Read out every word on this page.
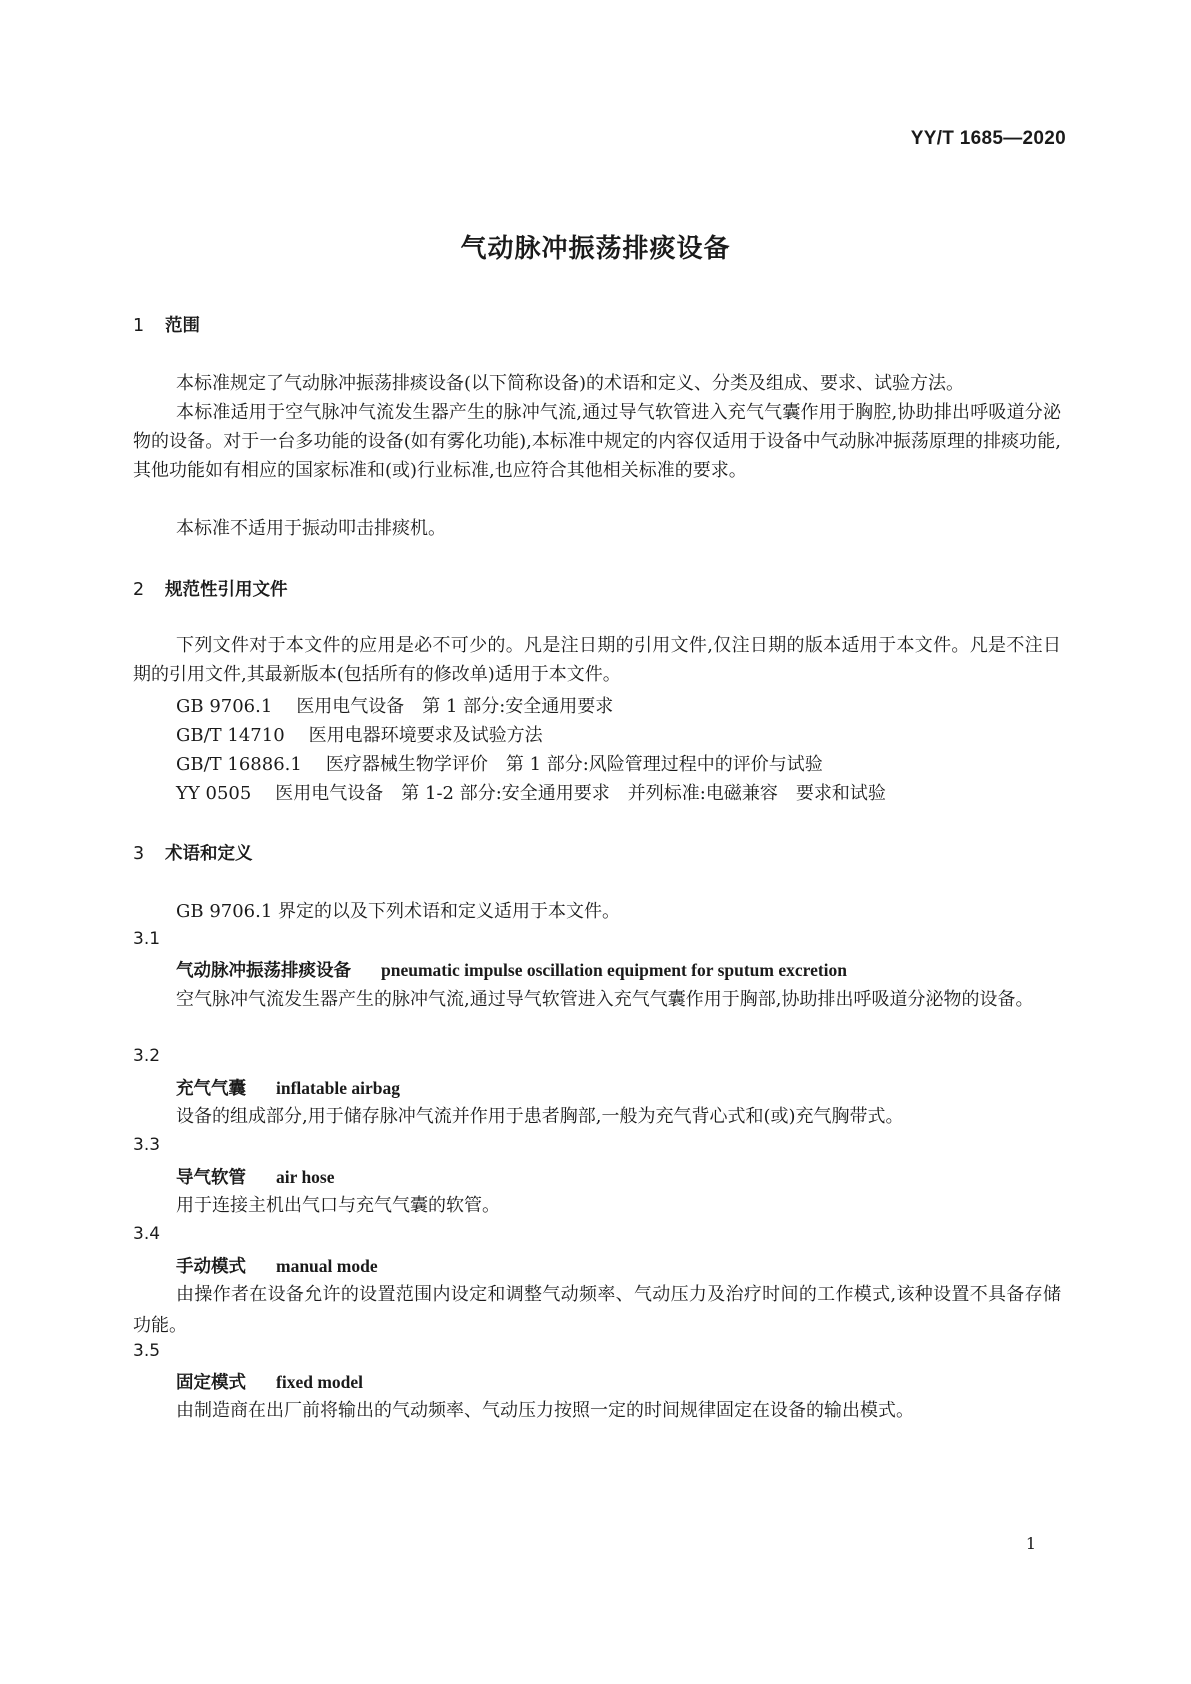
YY/T 1685—2020
气动脉冲振荡排痰设备
1 范围
本标准规定了气动脉冲振荡排痰设备(以下简称设备)的术语和定义、分类及组成、要求、试验方法。
本标准适用于空气脉冲气流发生器产生的脉冲气流,通过导气软管进入充气气囊作用于胸腔,协助排出呼吸道分泌物的设备。对于一台多功能的设备(如有雾化功能),本标准中规定的内容仅适用于设备中气动脉冲振荡原理的排痰功能,其他功能如有相应的国家标准和(或)行业标准,也应符合其他相关标准的要求。
本标准不适用于振动叩击排痰机。
2 规范性引用文件
下列文件对于本文件的应用是必不可少的。凡是注日期的引用文件,仅注日期的版本适用于本文件。凡是不注日期的引用文件,其最新版本(包括所有的修改单)适用于本文件。
GB 9706.1 医用电气设备　第 1 部分:安全通用要求
GB/T 14710 医用电器环境要求及试验方法
GB/T 16886.1 医疗器械生物学评价　第 1 部分:风险管理过程中的评价与试验
YY 0505 医用电气设备　第 1-2 部分:安全通用要求　并列标准:电磁兼容　要求和试验
3 术语和定义
GB 9706.1 界定的以及下列术语和定义适用于本文件。
3.1
气动脉冲振荡排痰设备 pneumatic impulse oscillation equipment for sputum excretion
空气脉冲气流发生器产生的脉冲气流,通过导气软管进入充气气囊作用于胸部,协助排出呼吸道分泌物的设备。
3.2
充气气囊 inflatable airbag
设备的组成部分,用于储存脉冲气流并作用于患者胸部,一般为充气背心式和(或)充气胸带式。
3.3
导气软管 air hose
用于连接主机出气口与充气气囊的软管。
3.4
手动模式 manual mode
由操作者在设备允许的设置范围内设定和调整气动频率、气动压力及治疗时间的工作模式,该种设置不具备存储功能。
3.5
固定模式 fixed model
由制造商在出厂前将输出的气动频率、气动压力按照一定的时间规律固定在设备的输出模式。
1
